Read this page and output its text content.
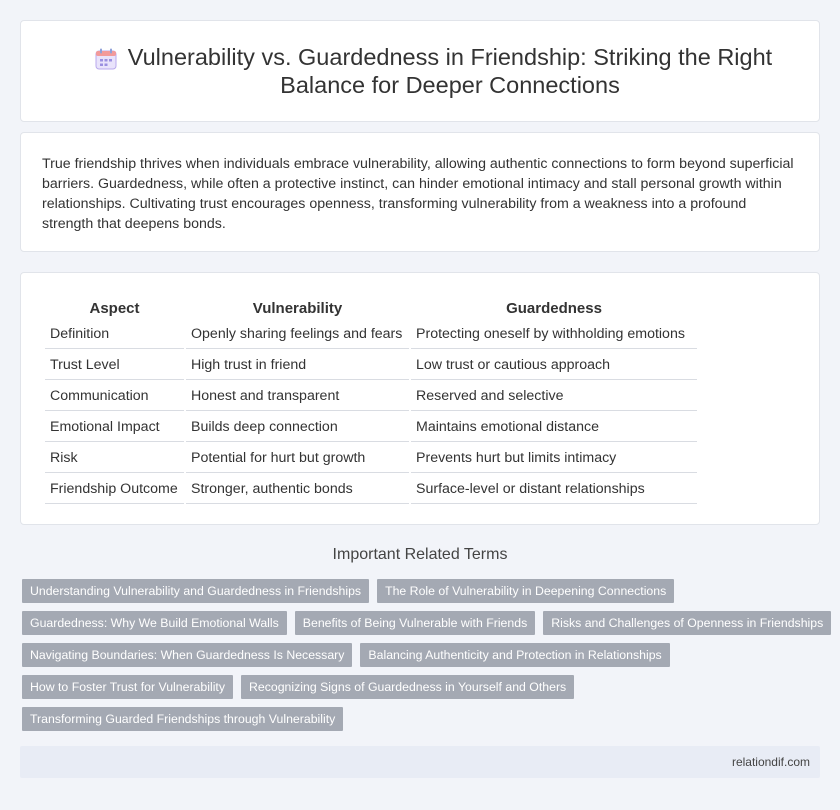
Vulnerability vs. Guardedness in Friendship: Striking the Right Balance for Deeper Connections

True friendship thrives when individuals embrace vulnerability, allowing authentic connections to form beyond superficial barriers. Guardedness, while often a protective instinct, can hinder emotional intimacy and stall personal growth within relationships. Cultivating trust encourages openness, transforming vulnerability from a weakness into a profound strength that deepens bonds.

Aspect	Vulnerability	Guardedness
Definition	Openly sharing feelings and fears	Protecting oneself by withholding emotions
Trust Level	High trust in friend	Low trust or cautious approach
Communication	Honest and transparent	Reserved and selective
Emotional Impact	Builds deep connection	Maintains emotional distance
Risk	Potential for hurt but growth	Prevents hurt but limits intimacy
Friendship Outcome	Stronger, authentic bonds	Surface-level or distant relationships
Important Related Terms
Understanding Vulnerability and Guardedness in Friendships	The Role of Vulnerability in Deepening Connections
Guardedness: Why We Build Emotional Walls	Benefits of Being Vulnerable with Friends	Risks and Challenges of Openness in Friendships
Navigating Boundaries: When Guardedness Is Necessary	Balancing Authenticity and Protection in Relationships
How to Foster Trust for Vulnerability	Recognizing Signs of Guardedness in Yourself and Others
Transforming Guarded Friendships through Vulnerability
relationdif.com
